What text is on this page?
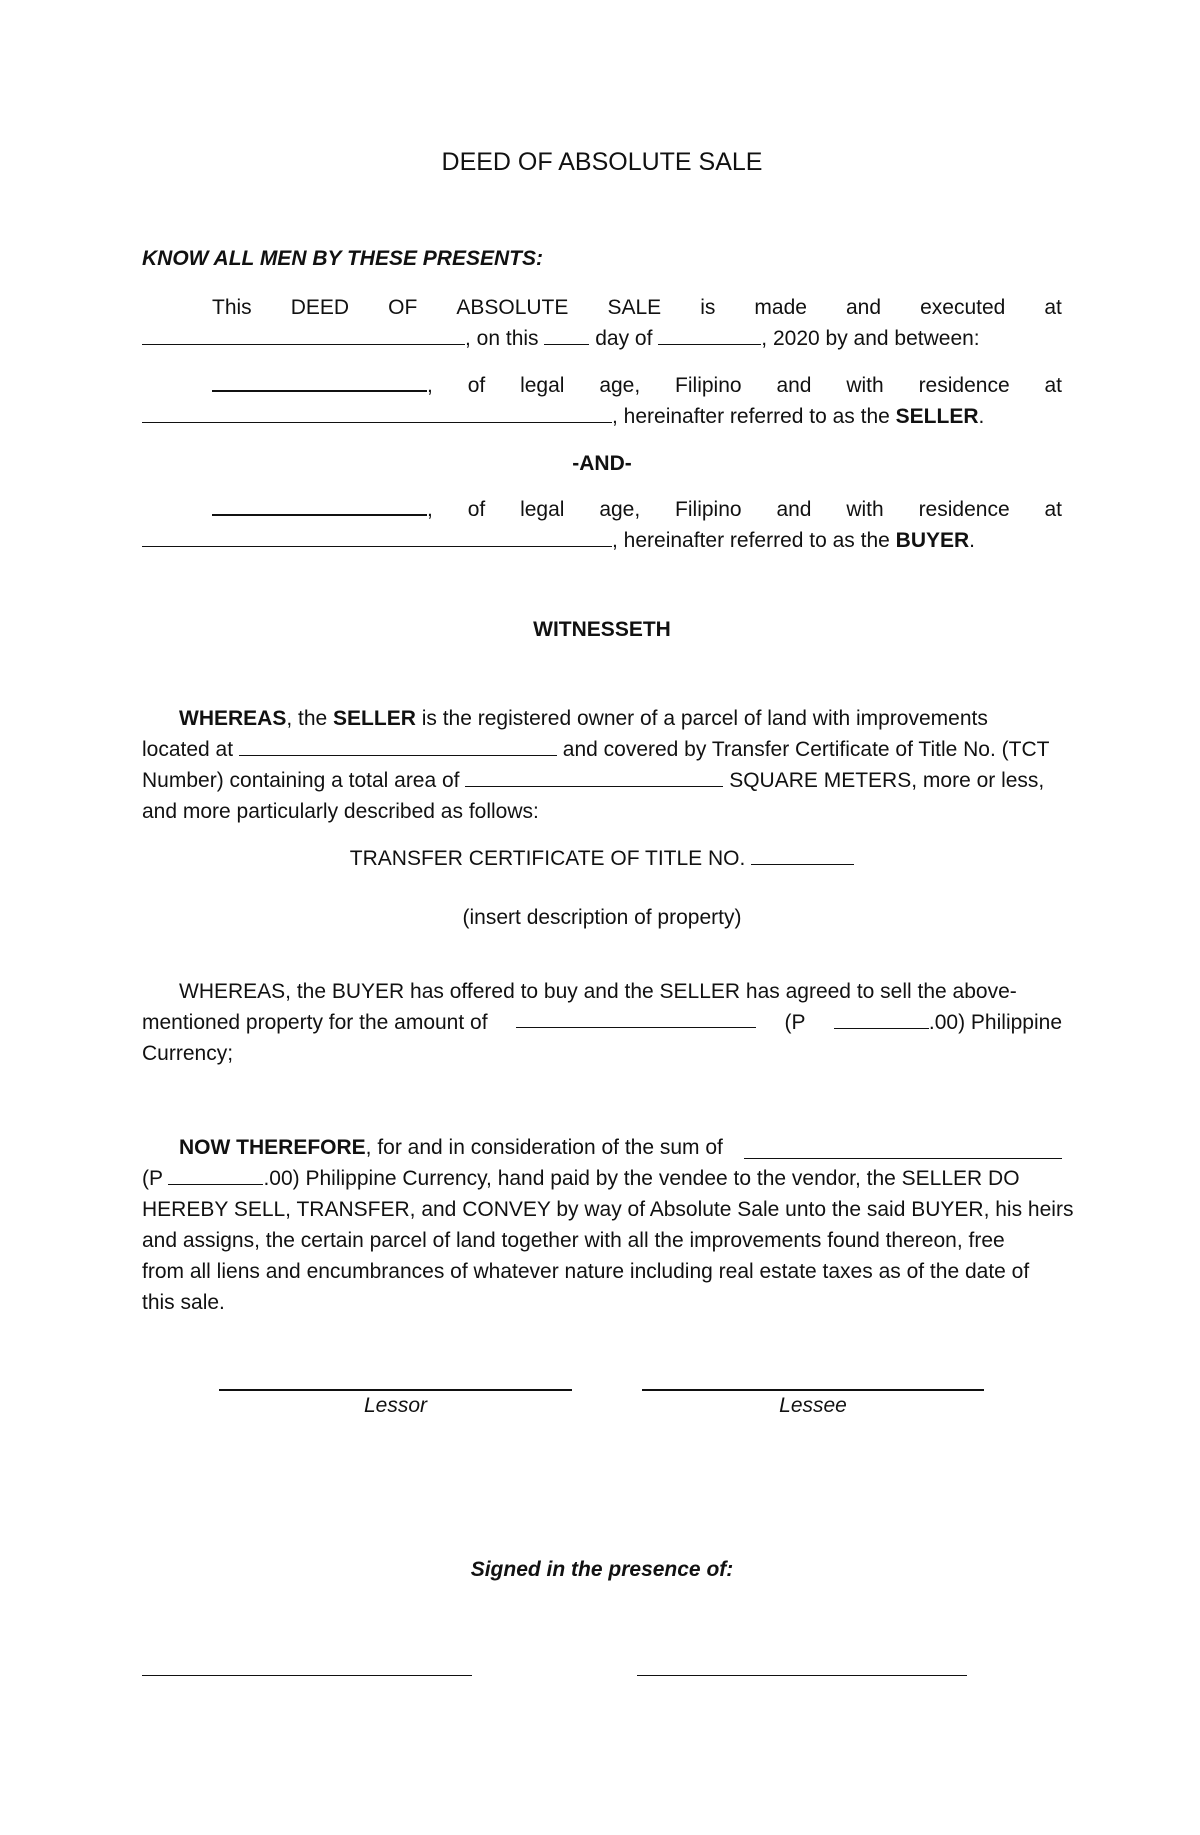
DEED OF ABSOLUTE SALE
KNOW ALL MEN BY THESE PRESENTS:
This DEED OF ABSOLUTE SALE is made and executed at
, on this	day of	, 2020 by and between:
, of legal age, Filipino and with residence at
, hereinafter referred to as the SELLER.
-AND-
, of legal age, Filipino and with residence at
, hereinafter referred to as the BUYER.
WITNESSETH
WHEREAS, the SELLER is the registered owner of a parcel of land with improvements
located at	and covered by Transfer Certificate of Title No. (TCT
Number) containing a total area of	SQUARE METERS, more or less,
and more particularly described as follows:
TRANSFER CERTIFICATE OF TITLE NO.
(insert description of property)
WHEREAS, the BUYER has offered to buy and the SELLER has agreed to sell the above-
mentioned property for the amount of	(P	.00) Philippine
Currency;
NOW THEREFORE, for and in consideration of the sum of
(P	.00) Philippine Currency, hand paid by the vendee to the vendor, the SELLER DO
HEREBY SELL, TRANSFER, and CONVEY by way of Absolute Sale unto the said BUYER, his heirs
and assigns, the certain parcel of land together with all the improvements found thereon, free
from all liens and encumbrances of whatever nature including real estate taxes as of the date of
this sale.
Lessor	Lessee
Signed in the presence of:
